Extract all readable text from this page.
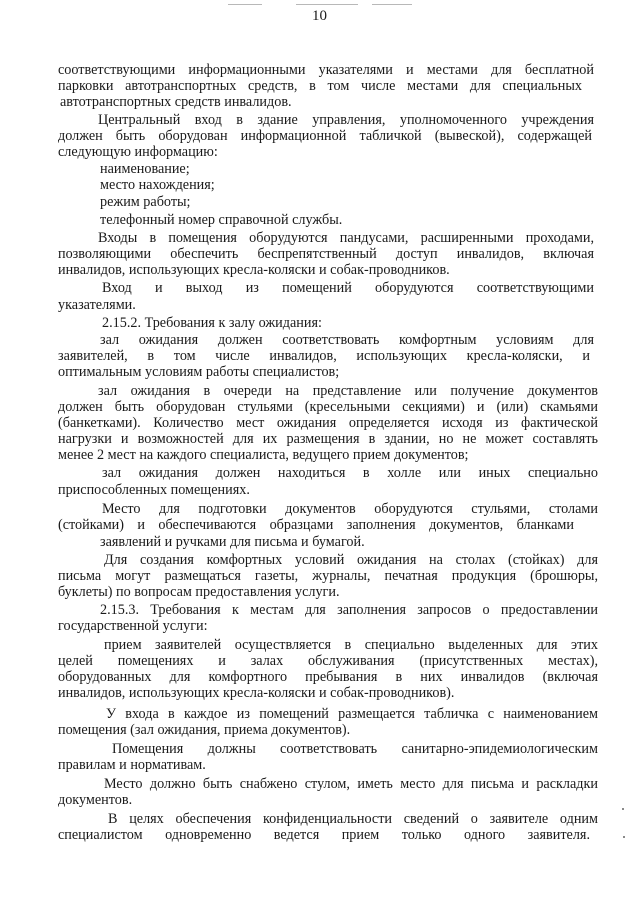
10
соответствующими информационными указателями и местами для бесплатной
парковки автотранспортных средств, в том числе местами для специальных
автотранспортных средств инвалидов.
Центральный вход в здание управления, уполномоченного учреждения
должен быть оборудован информационной табличкой (вывеской), содержащей
следующую информацию:
наименование;
место нахождения;
режим работы;
телефонный номер справочной службы.
Входы в помещения оборудуются пандусами, расширенными проходами,
позволяющими обеспечить беспрепятственный доступ инвалидов, включая
инвалидов, использующих кресла-коляски и собак-проводников.
Вход и выход из помещений оборудуются соответствующими
указателями.
2.15.2. Требования к залу ожидания:
зал ожидания должен соответствовать комфортным условиям для
заявителей, в том числе инвалидов, использующих кресла-коляски, и
оптимальным условиям работы специалистов;
зал ожидания в очереди на представление или получение документов
должен быть оборудован стульями (кресельными секциями) и (или) скамьями
(банкетками). Количество мест ожидания определяется исходя из фактической
нагрузки и возможностей для их размещения в здании, но не может составлять
менее 2 мест на каждого специалиста, ведущего прием документов;
зал ожидания должен находиться в холле или иных специально
приспособленных помещениях.
Место для подготовки документов оборудуются стульями, столами
(стойками) и обеспечиваются образцами заполнения документов, бланками
заявлений и ручками для письма и бумагой.
Для создания комфортных условий ожидания на столах (стойках) для
письма могут размещаться газеты, журналы, печатная продукция (брошюры,
буклеты) по вопросам предоставления услуги.
2.15.3. Требования к местам для заполнения запросов о предоставлении
государственной услуги:
прием заявителей осуществляется в специально выделенных для этих
целей помещениях и залах обслуживания (присутственных местах),
оборудованных для комфортного пребывания в них инвалидов (включая
инвалидов, использующих кресла-коляски и собак-проводников).
У входа в каждое из помещений размещается табличка с наименованием
помещения (зал ожидания, приема документов).
Помещения должны соответствовать санитарно-эпидемиологическим
правилам и нормативам.
Место должно быть снабжено стулом, иметь место для письма и раскладки
документов.
В целях обеспечения конфиденциальности сведений о заявителе одним
специалистом одновременно ведется прием только одного заявителя.
